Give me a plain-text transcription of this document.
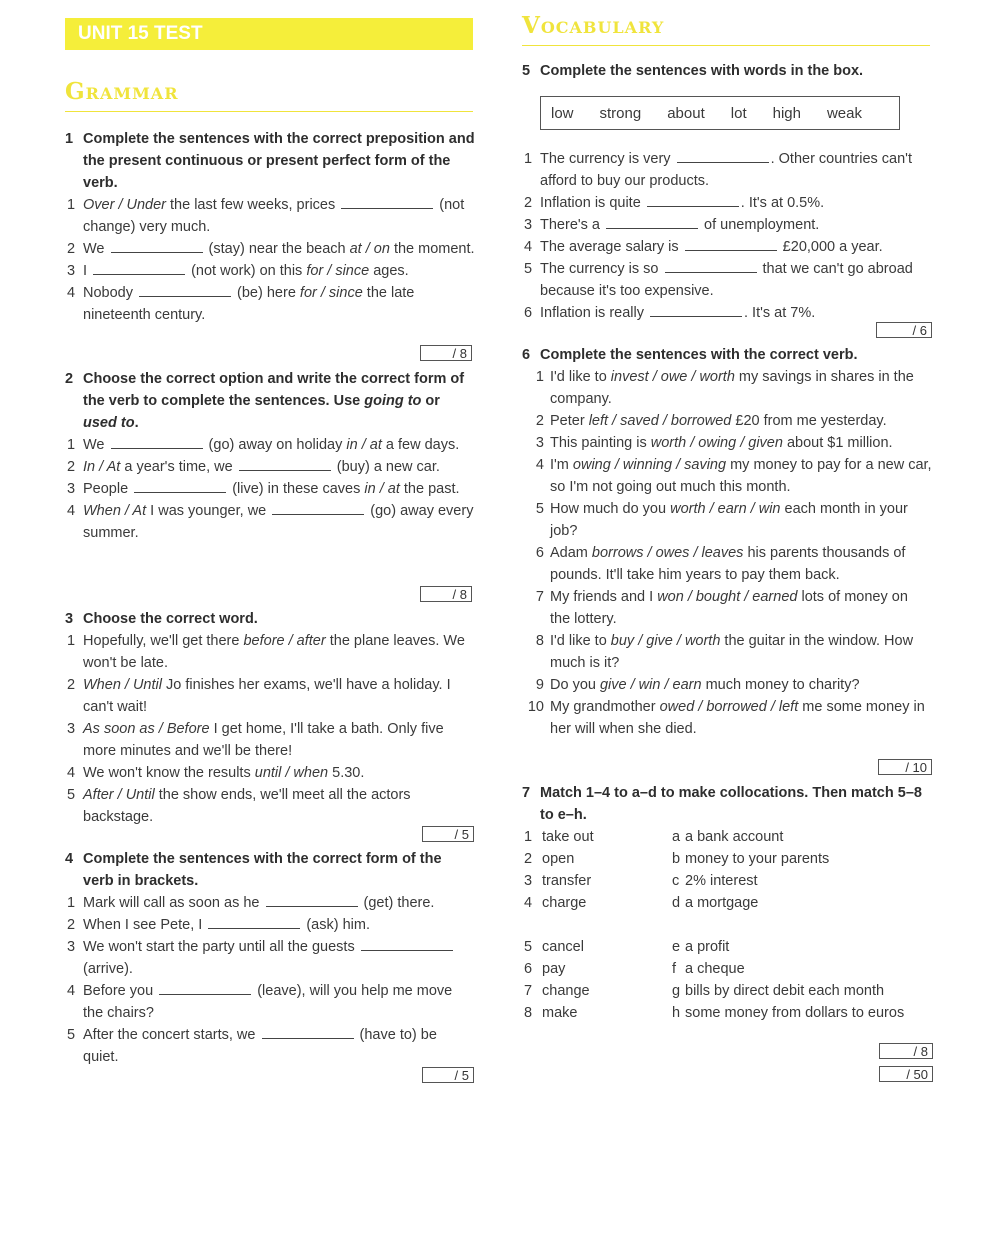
UNIT 15 TEST
Grammar

1 Complete the sentences with the correct preposition and the present continuous or present perfect form of the verb.

1 Over / Under the last few weeks, prices	(not change) very much.

2 We	(stay) near the beach at / on the moment.

3 I	(not work) on this for / since ages.

4 Nobody	(be) here for / since the late nineteenth century.

/ 8

2 Choose the correct option and write the correct form of the verb to complete the sentences. Use going to or used to.

1 We	(go) away on holiday in / at a few days.

2 In / At a year's time, we	(buy) a new car.

3 People	(live) in these caves in / at the past.

4 When / At I was younger, we	(go) away every summer.

/ 8

3 Choose the correct word.

1 Hopefully, we'll get there before / after the plane leaves. We won't be late.

2 When / Until Jo finishes her exams, we'll have a holiday. I can't wait!

3 As soon as / Before I get home, I'll take a bath. Only five more minutes and we'll be there!

4 We won't know the results until / when 5.30.

5 After / Until the show ends, we'll meet all the actors backstage.

/ 5

4 Complete the sentences with the correct form of the verb in brackets.

1 Mark will call as soon as he	(get) there.

2 When I see Pete, I	(ask) him.

3 We won't start the party until all the guests  (arrive).

4 Before you	(leave), will you help me move the chairs?

5 After the concert starts, we	(have to) be quiet.

/ 5
Vocabulary

5 Complete the sentences with words in the box.

low strong about lot high weak

1 The currency is very	. Other countries can't afford to buy our products.

2 Inflation is quite	. It's at 0.5%.

3 There's a	of unemployment.

4 The average salary is	£20,000 a year.

5 The currency is so	that we can't go abroad because it's too expensive.

6 Inflation is really	. It's at 7%.

/ 6

6 Complete the sentences with the correct verb.

1 I'd like to invest / owe / worth my savings in shares in the company.

2 Peter left / saved / borrowed £20 from me yesterday.

3 This painting is worth / owing / given about $1 million.

4 I'm owing / winning / saving my money to pay for a new car, so I'm not going out much this month.

5 How much do you worth / earn / win each month in your job?

6 Adam borrows / owes / leaves his parents thousands of pounds. It'll take him years to pay them back.

7 My friends and I won / bought / earned lots of money on the lottery.

8 I'd like to buy / give / worth the guitar in the window. How much is it?

9 Do you give / win / earn much money to charity?

10 My grandmother owed / borrowed / left me some money in her will when she died.

/ 10

7 Match 1–4 to a–d to make collocations. Then match 5–8 to e–h.

1 take out	a a bank account
2 open	b money to your parents
3 transfer	c 2% interest
4 charge	d a mortgage
5 cancel	e a profit
6 pay	f a cheque
7 change	g bills by direct debit each month
8 make	h some money from dollars to euros
/ 8
/ 50
